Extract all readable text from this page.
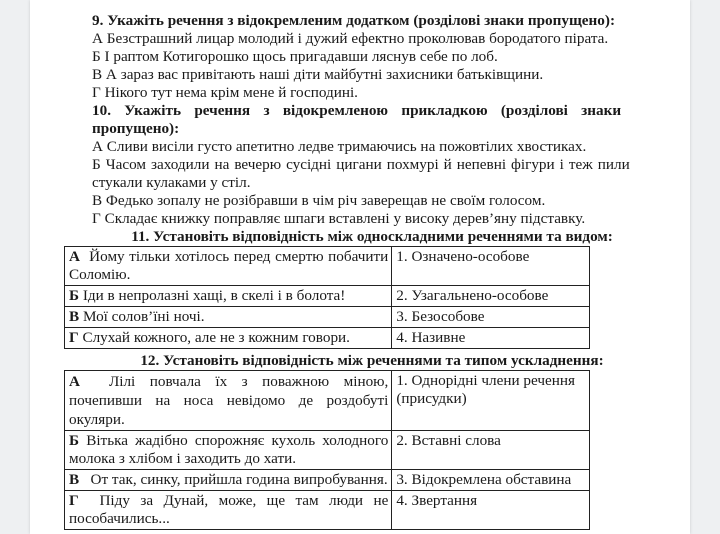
9. Укажіть речення з відокремленим додатком (розділові знаки пропущено):

А Безстрашний лицар молодий і дужий ефектно проколював бородатого пірата.

Б І раптом Котигорошко щось пригадавши ляснув себе по лоб.

В А зараз вас привітають наші діти майбутні захисники батьківщини.

Г Нікого тут нема крім мене й господині.

10. Укажіть речення з відокремленою прикладкою (розділові знаки

пропущено):

А Сливи висіли густо апетитно ледве тримаючись на пожовтілих хвостиках.

Б Часом заходили на вечерю сусідні цигани похмурі й непевні фігури і теж пили

стукали кулаками у стіл.

В Федько зопалу не розібравши в чім річ заверещав не своїм голосом.

Г Складає книжку поправляє шпаги вставлені у високу дерев’яну підставку.

11. Установіть відповідність між односкладними реченнями та видом:

А Йому тільки хотілось перед смертю побачити Соломію.	1. Означено-особове
Б Іди в непролазні хащі, в скелі і в болота!	2. Узагальнено-особове
В Мої солов’їні ночі.	3. Безособове
Г Слухай кожного, але не з кожним говори.	4. Називне

12. Установіть відповідність між реченнями та типом ускладнення:

А Лілі повчала їх з поважною міною, почепивши на носа невідомо де роздобуті окуляри.	1. Однорідні члени речення (присудки)
Б Вітька жадібно спорожняє кухоль холодного молока з хлібом і заходить до хати.	2. Вставні слова
В От так, синку, прийшла година випробування.	3. Відокремлена обставина
Г Піду за Дунай, може, ще там люди не пособачились...	4. Звертання
